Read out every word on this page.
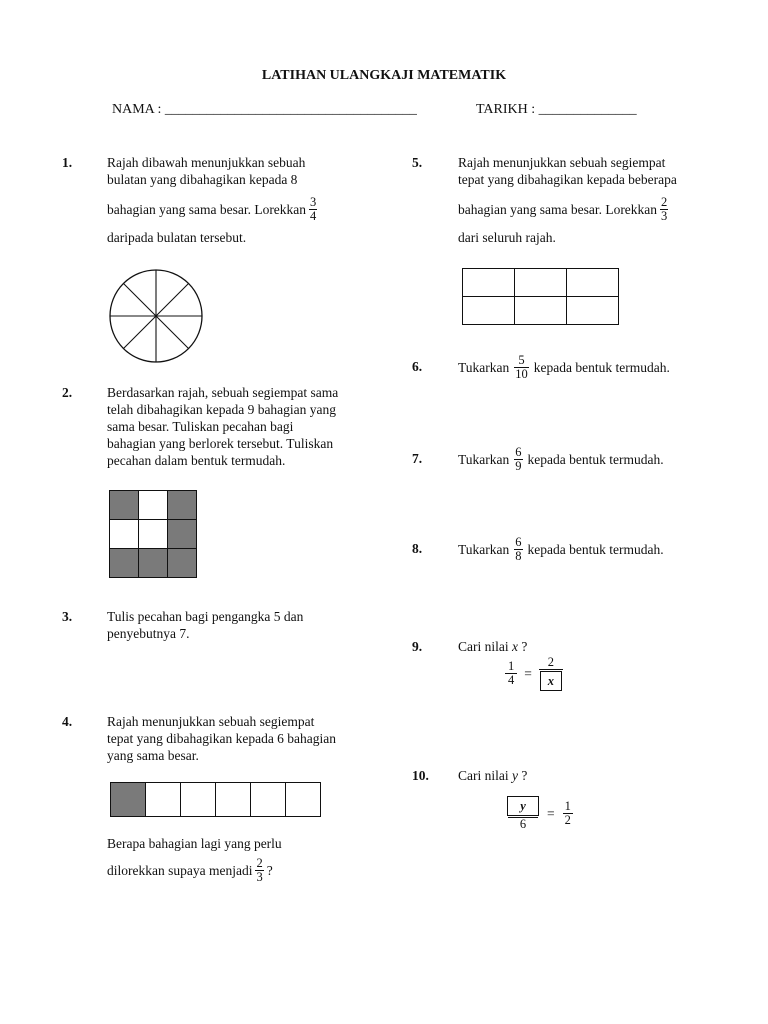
LATIHAN ULANGKAJI MATEMATIK
NAMA : ____________________________________	TARIKH : ______________
1.	Rajah dibawah menunjukkan sebuah
bulatan yang dibahagikan kepada 8
bahagian yang sama besar. Lorekkan $\frac{3}{4}$
daripada bulatan tersebut.
2.	Berdasarkan rajah, sebuah segiempat sama
telah dibahagikan kepada 9 bahagian yang
sama besar. Tuliskan pecahan bagi
bahagian yang berlorek tersebut. Tuliskan
pecahan dalam bentuk termudah.

3.	Tulis pecahan bagi pengangka 5 dan
penyebutnya 7.
4.	Rajah menunjukkan sebuah segiempat
tepat yang dibahagikan kepada 6 bahagian
yang sama besar.

Berapa bahagian lagi yang perlu
dilorekkan supaya menjadi $\frac{2}{3}$ ?
5.	Rajah menunjukkan sebuah segiempat
tepat yang dibahagikan kepada beberapa
bahagian yang sama besar. Lorekkan $\frac{2}{3}$
dari seluruh rajah.

6.	Tukarkan $\frac{5}{10}$ kepada bentuk termudah.
7.	Tukarkan $\frac{6}{9}$ kepada bentuk termudah.
8.	Tukarkan $\frac{6}{8}$ kepada bentuk termudah.
9.	Cari nilai x ?
$\frac{1}{4} = \frac{2}{x}$
10.	Cari nilai y ?
$\frac{y}{6} = \frac{1}{2}$
